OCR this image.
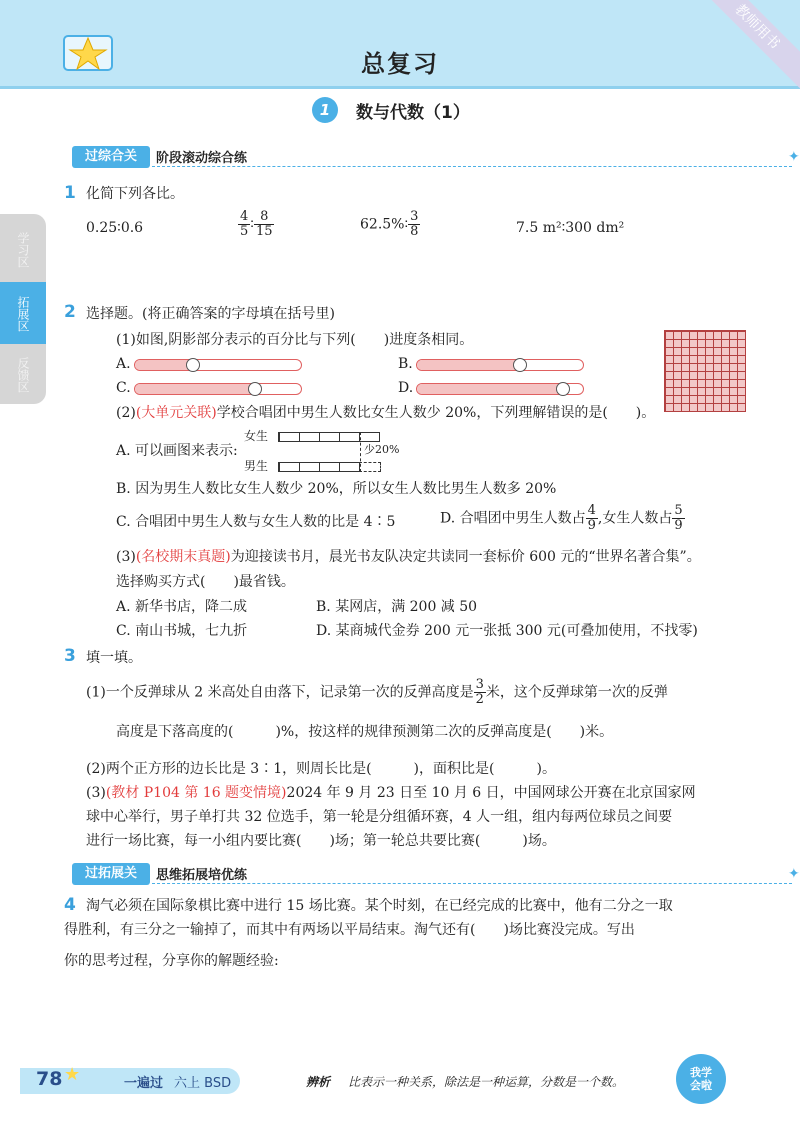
总复习
教师用书
1	数与代数（1）
过综合关	阶段滚动综合练	✦
学习区
拓展区
反馈区
1 化简下列各比。
0.25∶0.6	$\frac{4}{5}$ ∶ $\frac{8}{15}$	62.5%∶ $\frac{3}{8}$	7.5 m²∶300 dm²
2 选择题。(将正确答案的字母填在括号里)
(1)如图,阴影部分表示的百分比与下列(　　)进度条相同。
A.	B.
C.	D.
(2)(大单元关联)学校合唱团中男生人数比女生人数少 20%，下列理解错误的是(　　)。
A. 可以画图来表示:
女生
男生
少20%
B. 因为男生人数比女生人数少 20%，所以女生人数比男生人数多 20%
C. 合唱团中男生人数与女生人数的比是 4∶5	D. 合唱团中男生人数占 $\frac{4}{9}$ ,女生人数占 $\frac{5}{9}$
(3)(名校期末真题)为迎接读书月，晨光书友队决定共读同一套标价 600 元的“世界名著合集”。
选择购买方式(　　)最省钱。
A. 新华书店，降二成	B. 某网店，满 200 减 50
C. 南山书城，七九折	D. 某商城代金券 200 元一张抵 300 元(可叠加使用，不找零)
3 填一填。
(1)一个反弹球从 2 米高处自由落下，记录第一次的反弹高度是 $\frac{3}{2}$ 米，这个反弹球第一次的反弹
高度是下落高度的(　　　)%，按这样的规律预测第二次的反弹高度是(　　)米。
(2)两个正方形的边长比是 3∶1，则周长比是(　　　)，面积比是(　　　)。
(3)(教材 P104 第 16 题变情境)2024 年 9 月 23 日至 10 月 6 日，中国网球公开赛在北京国家网
球中心举行，男子单打共 32 位选手，第一轮是分组循环赛，4 人一组，组内每两位球员之间要
进行一场比赛，每一小组内要比赛(　　)场；第一轮总共要比赛(　　　)场。
过拓展关	思维拓展培优练	✦
4 淘气必须在国际象棋比赛中进行 15 场比赛。某个时刻，在已经完成的比赛中，他有二分之一取
得胜利，有三分之一输掉了，而其中有两场以平局结束。淘气还有(　　)场比赛没完成。写出
你的思考过程，分享你的解题经验:
78 ★	一遍过 六上 BSD	辨析 比表示一种关系，除法是一种运算，分数是一个数。
我学会啦
